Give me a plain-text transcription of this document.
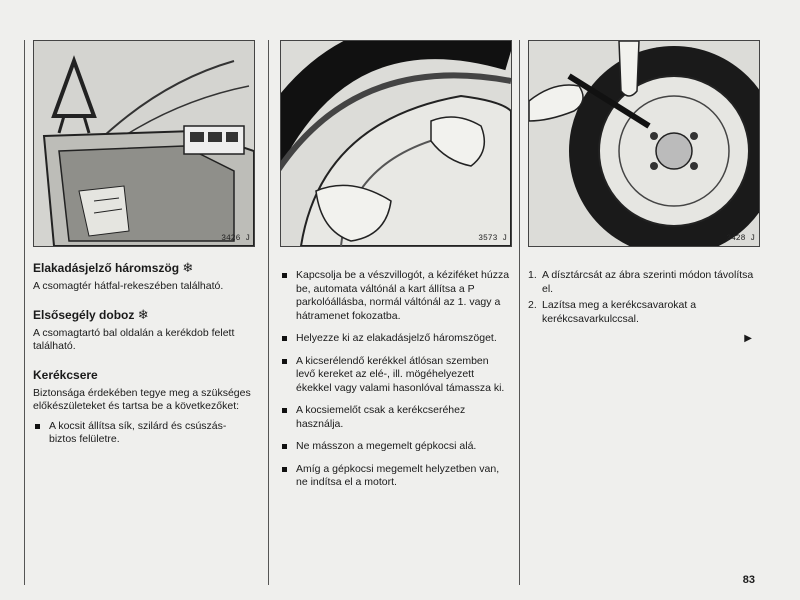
3426 J
Elakadásjelző háromszög ❄

A csomagtér hátfal-rekeszében található.

Elsősegély doboz ❄

A csomagtartó bal oldalán a kerékdob felett található.

Kerékcsere

Biztonsága érdekében tegye meg a szükséges előkészületeket és tartsa be a következőket:

A kocsit állítsa sík, szilárd és csúszás-biztos felületre.
3573 J
Kapcsolja be a vészvillogót, a kéziféket húzza be, automata váltónál a kart állítsa a P parkolóállásba, normál váltónál az 1. vagy a hátramenet fokozatba.
Helyezze ki az elakadásjelző háromszöget.
A kicserélendő kerékkel átlósan szemben levő kereket az elé-, ill. mögéhelyezett ékekkel vagy valami hasonlóval támassza ki.
A kocsiemelőt csak a kerékcseréhez használja.
Ne másszon a megemelt gépkocsi alá.
Amíg a gépkocsi megemelt helyzetben van, ne indítsa el a motort.
3428 J
1. A dísztárcsát az ábra szerinti módon távolítsa el.
2. Lazítsa meg a kerékcsavarokat a kerékcsavarkulccsal.
▶
83
